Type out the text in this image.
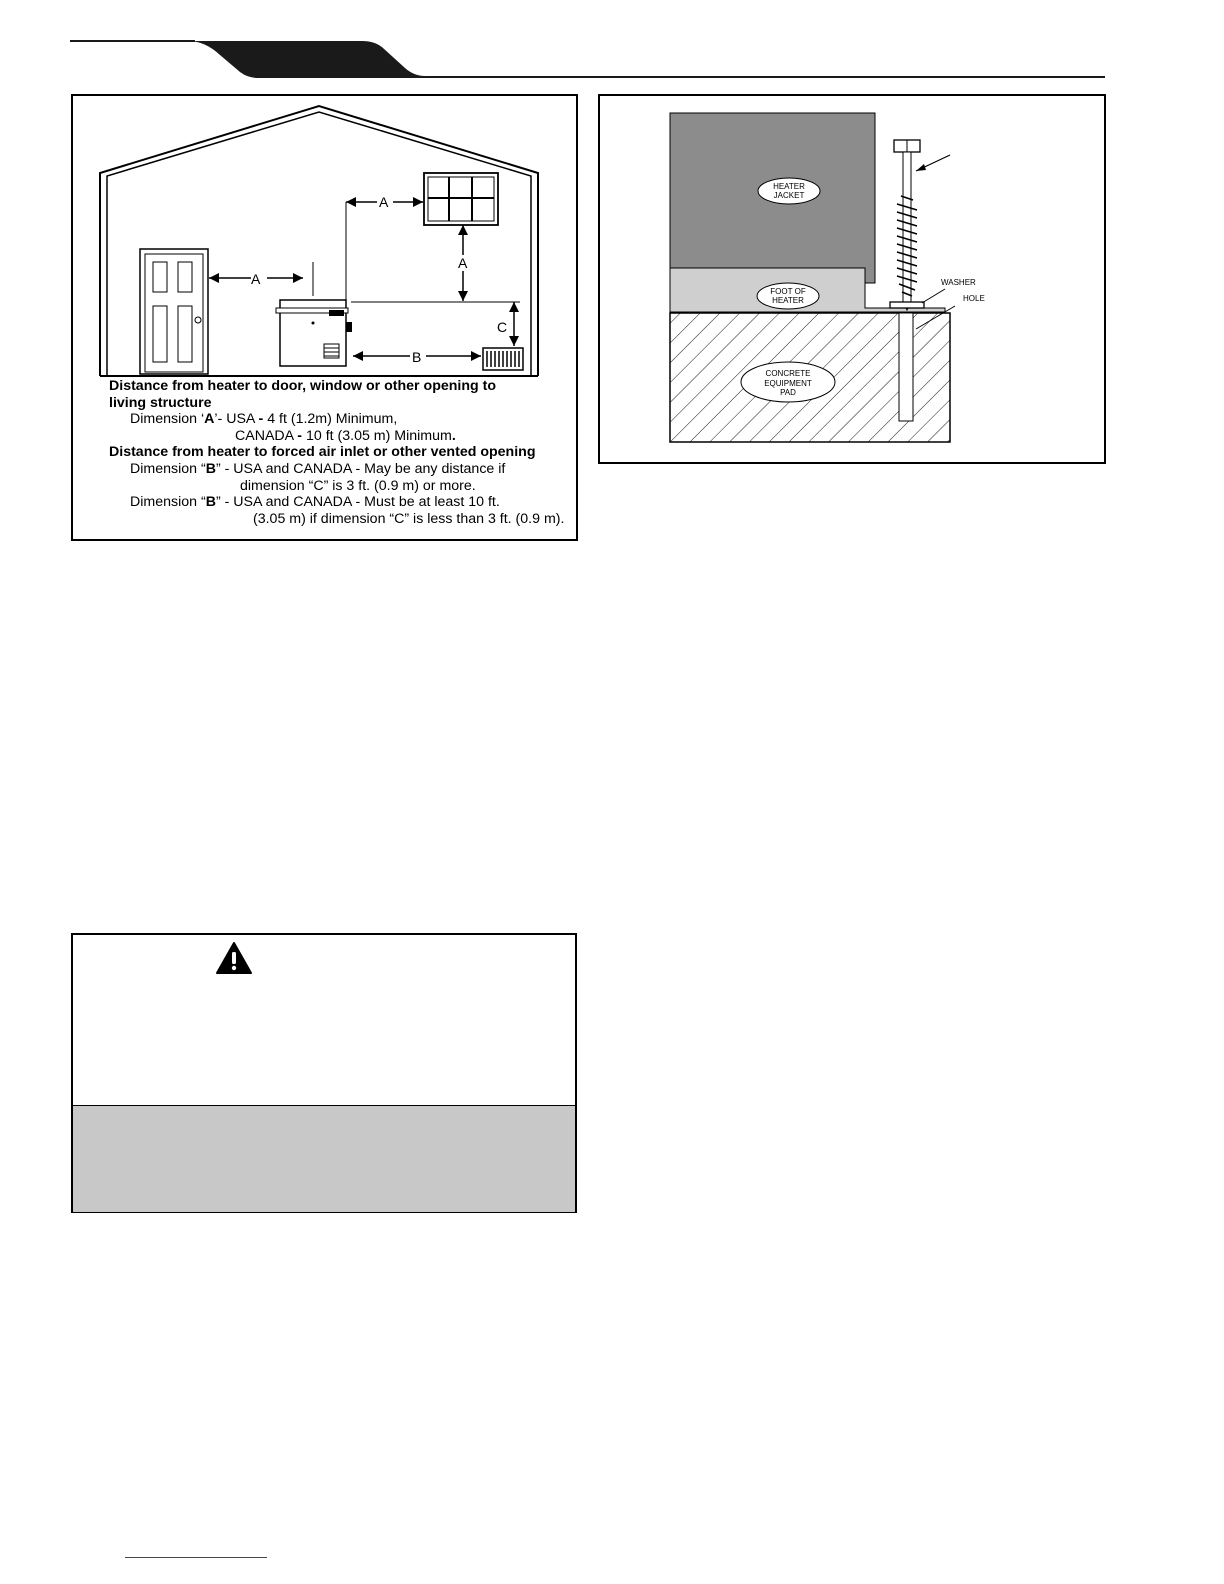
A
A
A
C
B
Distance from heater to door, window or other opening to
living structure
Dimension ‘A’- USA - 4 ft (1.2m) Minimum,
CANADA - 10 ft (3.05 m) Minimum.
Distance from heater to forced air inlet or other vented opening
Dimension “B” - USA and CANADA - May be any distance if
dimension “C” is 3 ft. (0.9 m) or more.
Dimension “B” - USA and CANADA - Must be at least 10 ft.
(3.05 m) if dimension “C” is less than 3 ft. (0.9 m).
HEATER
JACKET
FOOT OF
HEATER
CONCRETE
EQUIPMENT
PAD
WASHER
HOLE
